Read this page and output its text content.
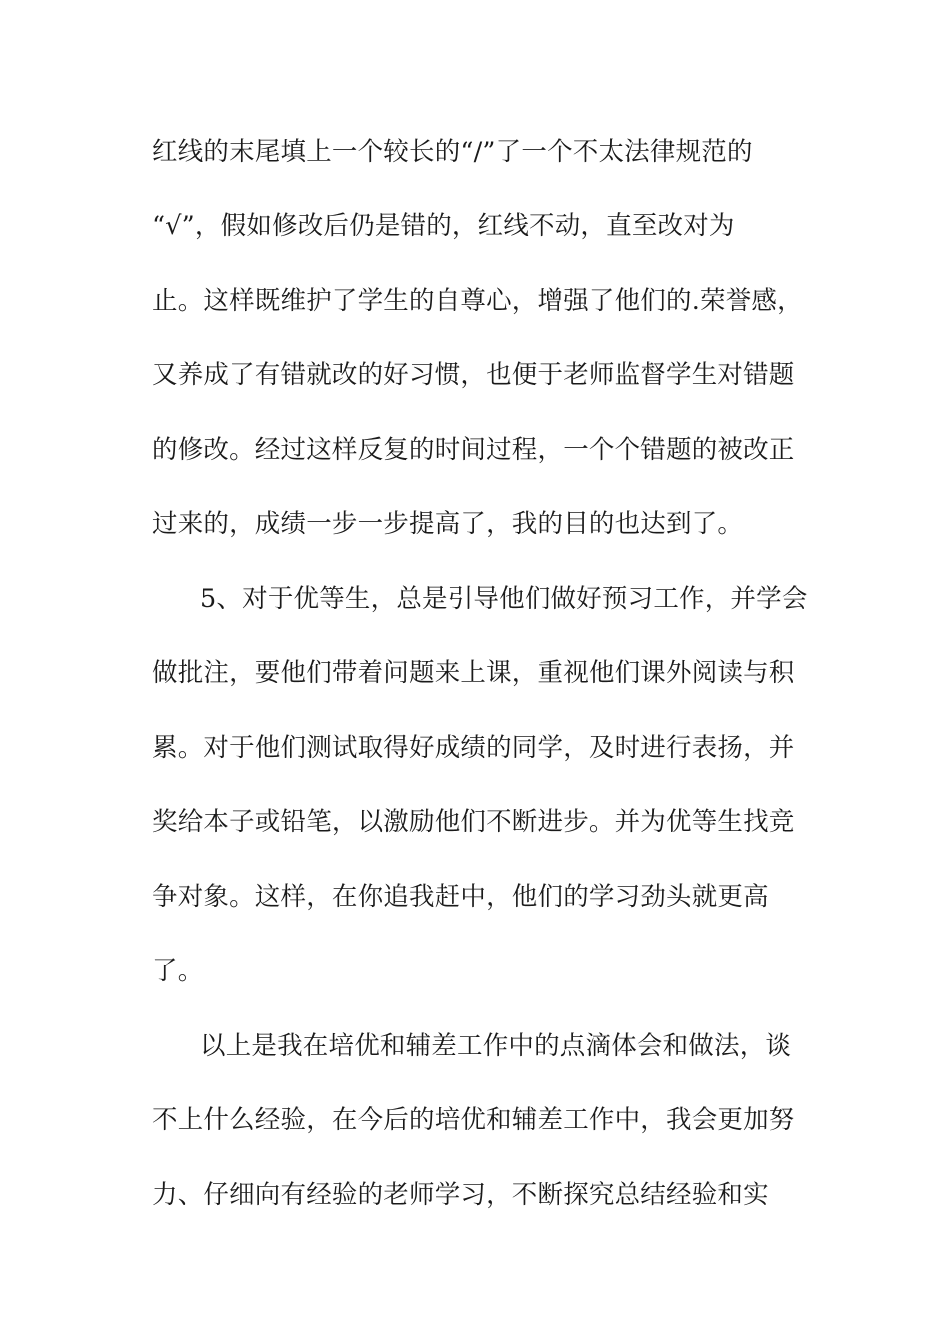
红线的末尾填上一个较长的“/”了一个不太法律规范的
“√”，假如修改后仍是错的，红线不动，直至改对为
止。这样既维护了学生的自尊心，增强了他们的.荣誉感，
又养成了有错就改的好习惯，也便于老师监督学生对错题
的修改。经过这样反复的时间过程，一个个错题的被改正
过来的，成绩一步一步提高了，我的目的也达到了。
5、对于优等生，总是引导他们做好预习工作，并学会
做批注，要他们带着问题来上课，重视他们课外阅读与积
累。对于他们测试取得好成绩的同学，及时进行表扬，并
奖给本子或铅笔，以激励他们不断进步。并为优等生找竞
争对象。这样，在你追我赶中，他们的学习劲头就更高
了。
以上是我在培优和辅差工作中的点滴体会和做法，谈
不上什么经验，在今后的培优和辅差工作中，我会更加努
力、仔细向有经验的老师学习，不断探究总结经验和实
